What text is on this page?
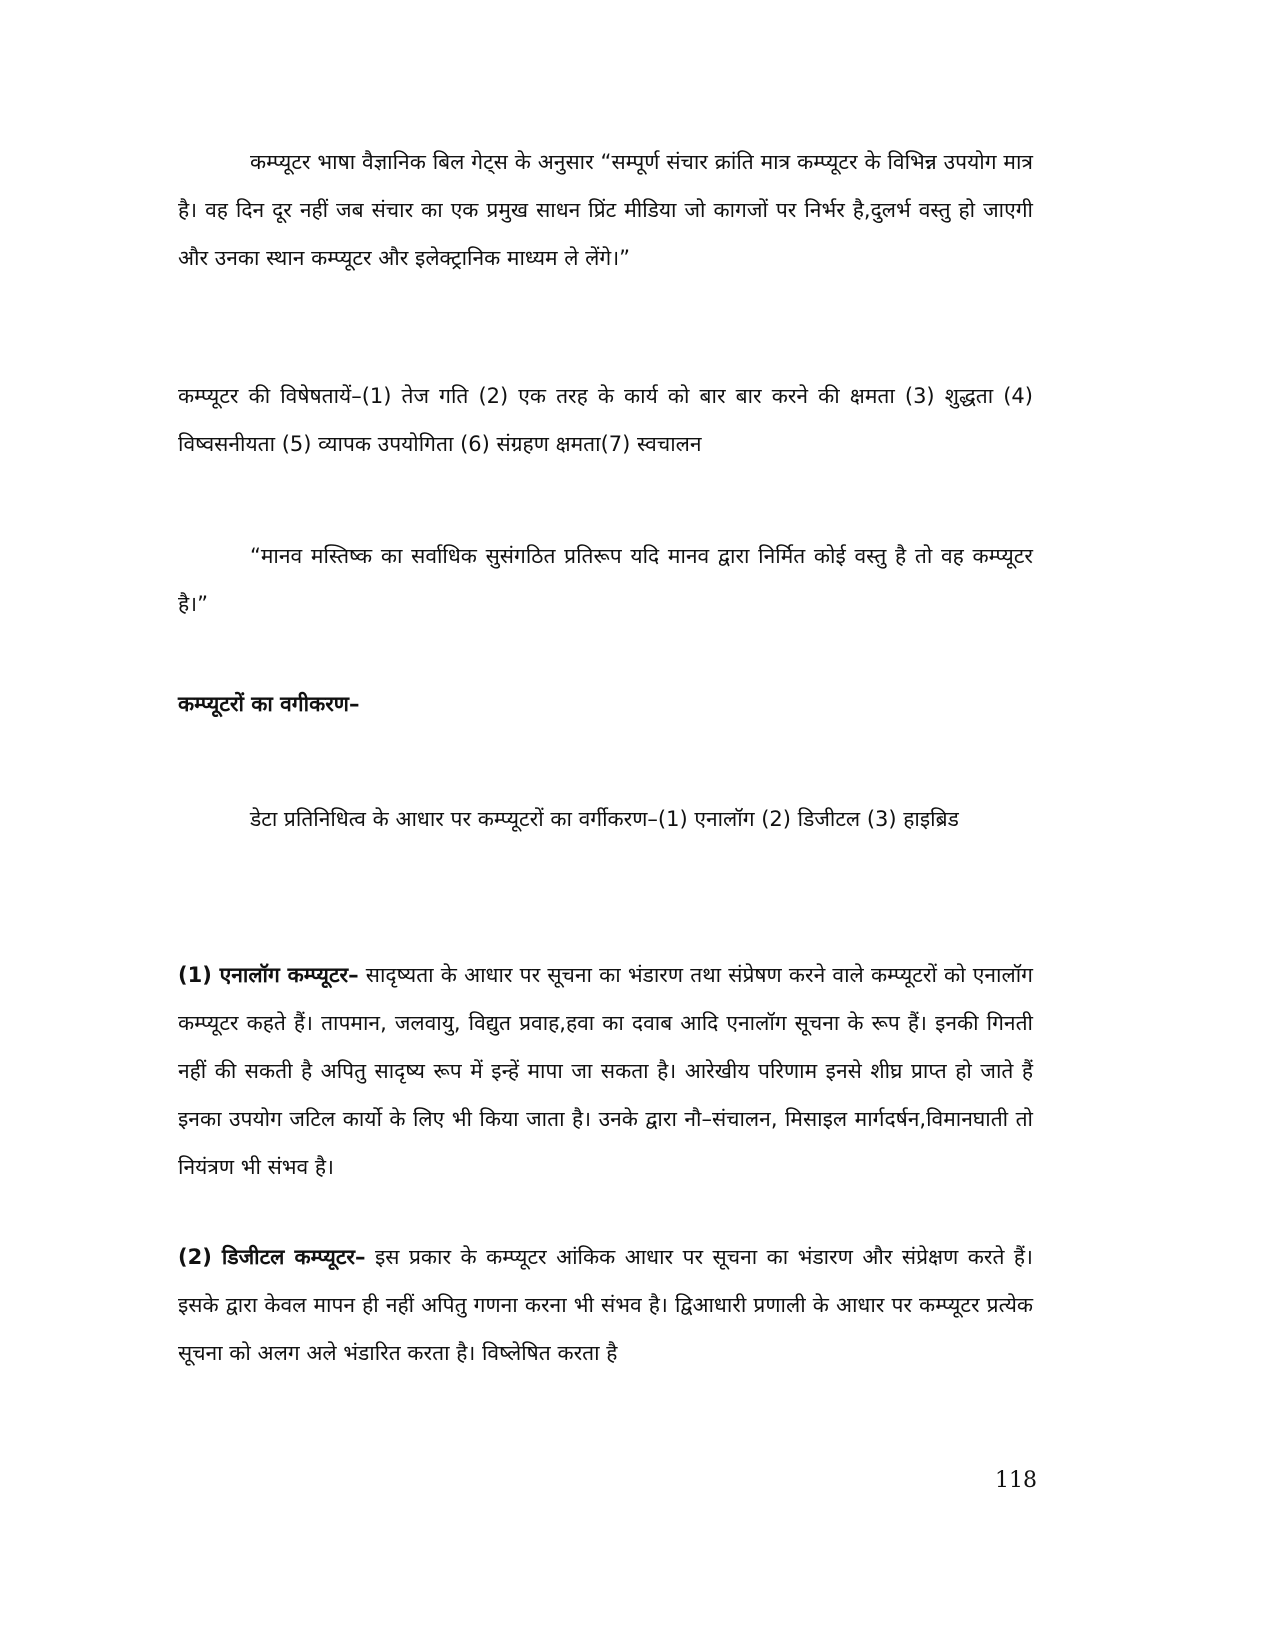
कम्प्यूटर भाषा वैज्ञानिक बिल गेट्स के अनुसार “सम्पूर्ण संचार क्रांति मात्र कम्प्यूटर के विभिन्न उपयोग मात्र है। वह दिन दूर नहीं जब संचार का एक प्रमुख साधन प्रिंट मीडिया जो कागजों पर निर्भर है,दुलर्भ वस्तु हो जाएगी और उनका स्थान कम्प्यूटर और इलेक्ट्रानिक माध्यम ले लेंगे।”

कम्प्यूटर की विषेषतायें–(1) तेज गति (2) एक तरह के कार्य को बार बार करने की क्षमता (3) शुद्धता (4) विष्वसनीयता (5) व्यापक उपयोगिता (6) संग्रहण क्षमता(7) स्वचालन

“मानव मस्तिष्क का सर्वाधिक सुसंगठित प्रतिरूप यदि मानव द्वारा निर्मित कोई वस्तु है तो वह कम्प्यूटर है।”

कम्प्यूटरों का वगीकरण–

डेटा प्रतिनिधित्व के आधार पर कम्प्यूटरों का वर्गीकरण–(1) एनालॉग (2) डिजीटल (3) हाइब्रिड

(1) एनालॉग कम्प्यूटर– सादृष्यता के आधार पर सूचना का भंडारण तथा संप्रेषण करने वाले कम्प्यूटरों को एनालॉग कम्प्यूटर कहते हैं। तापमान, जलवायु, विद्युत प्रवाह,हवा का दवाब आदि एनालॉग सूचना के रूप हैं। इनकी गिनती नहीं की सकती है अपितु सादृष्य रूप में इन्हें मापा जा सकता है। आरेखीय परिणाम इनसे शीघ्र प्राप्त हो जाते हैं इनका उपयोग जटिल कार्यो के लिए भी किया जाता है। उनके द्वारा नौ–संचालन, मिसाइल मार्गदर्षन,विमानघाती तो नियंत्रण भी संभव है।

(2) डिजीटल कम्प्यूटर– इस प्रकार के कम्प्यूटर आंकिक आधार पर सूचना का भंडारण और संप्रेक्षण करते हैं। इसके द्वारा केवल मापन ही नहीं अपितु गणना करना भी संभव है। द्विआधारी प्रणाली के आधार पर कम्प्यूटर प्रत्येक सूचना को अलग अले भंडारित करता है। विष्लेषित करता है

118
